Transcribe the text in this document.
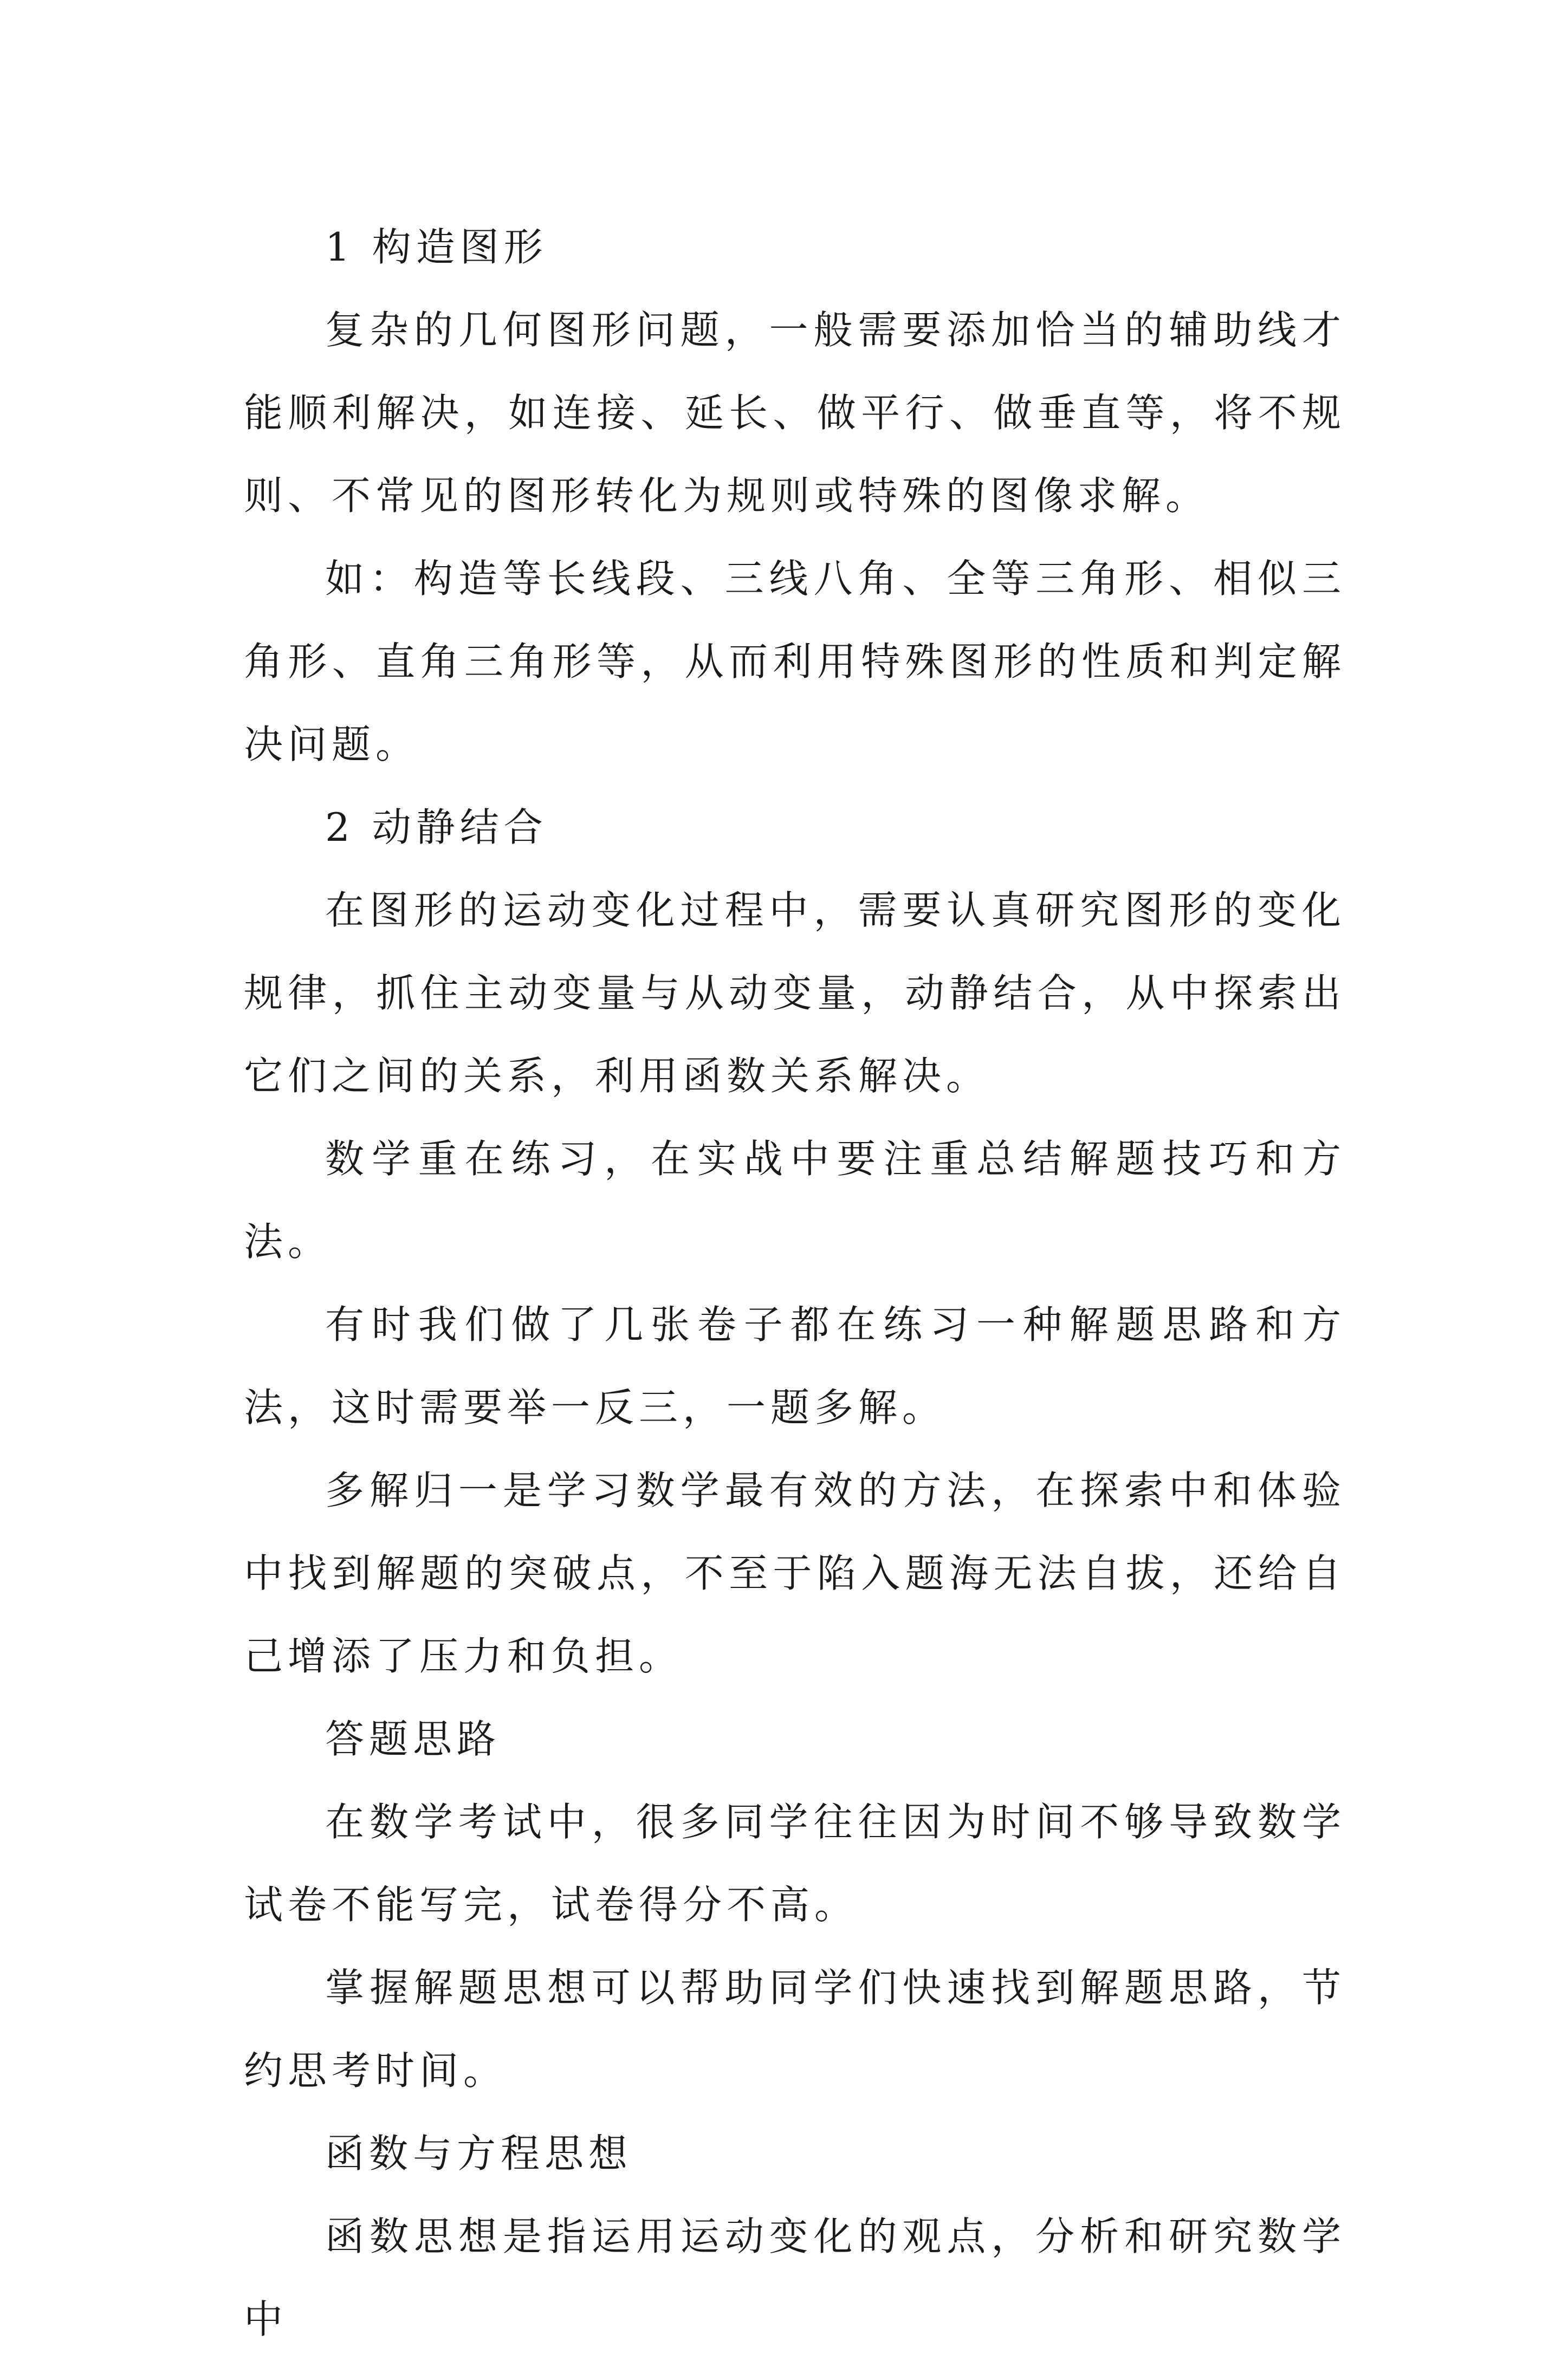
1 构造图形

复杂的几何图形问题，一般需要添加恰当的辅助线才能顺利解决，如连接、延长、做平行、做垂直等，将不规则、不常见的图形转化为规则或特殊的图像求解。

如：构造等长线段、三线八角、全等三角形、相似三角形、直角三角形等，从而利用特殊图形的性质和判定解决问题。

2 动静结合

在图形的运动变化过程中，需要认真研究图形的变化规律，抓住主动变量与从动变量，动静结合，从中探索出它们之间的关系，利用函数关系解决。

数学重在练习，在实战中要注重总结解题技巧和方法。

有时我们做了几张卷子都在练习一种解题思路和方法，这时需要举一反三，一题多解。

多解归一是学习数学最有效的方法，在探索中和体验中找到解题的突破点，不至于陷入题海无法自拔，还给自己增添了压力和负担。

答题思路

在数学考试中，很多同学往往因为时间不够导致数学试卷不能写完，试卷得分不高。

掌握解题思想可以帮助同学们快速找到解题思路，节约思考时间。

函数与方程思想

函数思想是指运用运动变化的观点，分析和研究数学中
